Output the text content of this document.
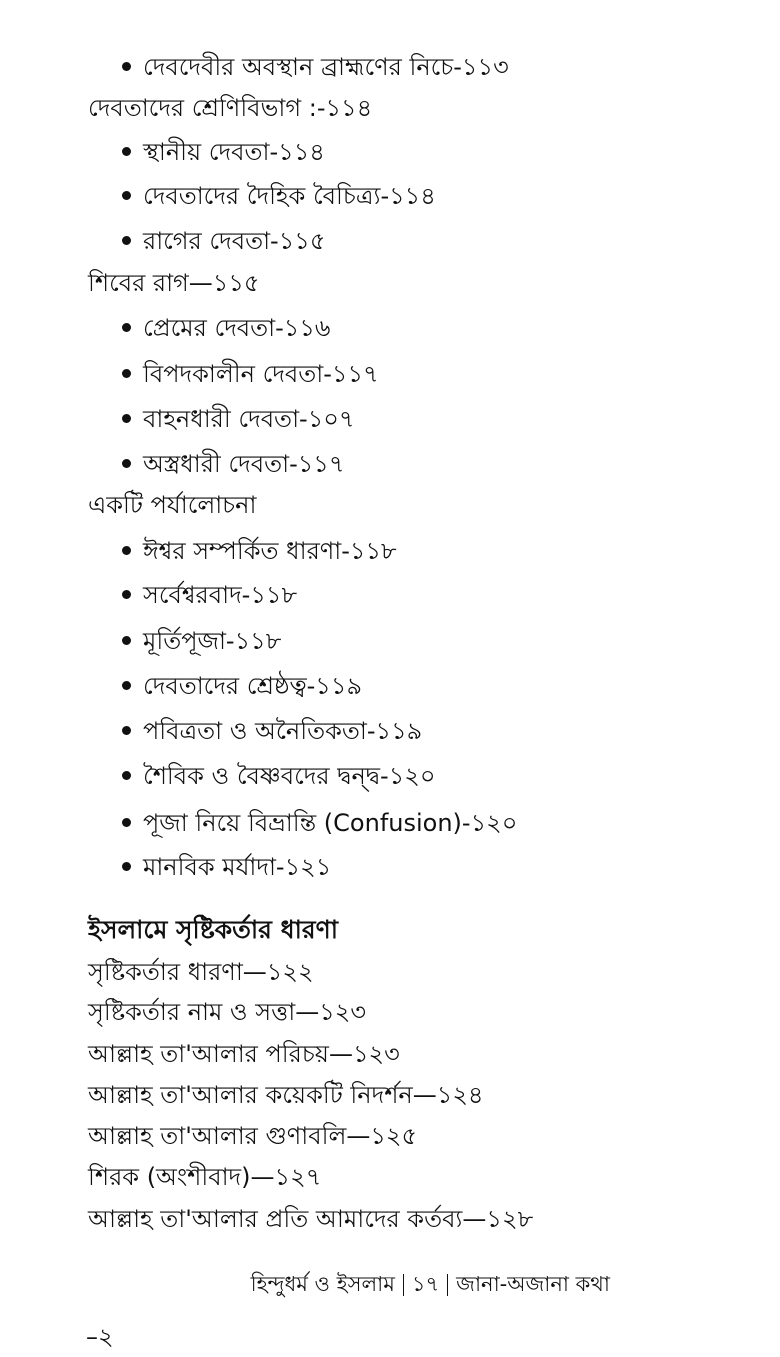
দেবদেবীর অবস্থান ব্রাহ্মণের নিচে-১১৩
দেবতাদের শ্রেণিবিভাগ :-১১৪
স্থানীয় দেবতা-১১৪
দেবতাদের দৈহিক বৈচিত্র্য-১১৪
রাগের দেবতা-১১৫
শিবের রাগ—১১৫
প্রেমের দেবতা-১১৬
বিপদকালীন দেবতা-১১৭
বাহনধারী দেবতা-১০৭
অস্ত্রধারী দেবতা-১১৭
একটি পর্যালোচনা
ঈশ্বর সম্পর্কিত ধারণা-১১৮
সর্বেশ্বরবাদ-১১৮
মূর্তিপূজা-১১৮
দেবতাদের শ্রেষ্ঠত্ব-১১৯
পবিত্রতা ও অনৈতিকতা-১১৯
শৈবিক ও বৈষ্ণবদের দ্বন্দ্ব-১২০
পূজা নিয়ে বিভ্রান্তি (Confusion)-১২০
মানবিক মর্যাদা-১২১
ইসলামে সৃষ্টিকর্তার ধারণা
সৃষ্টিকর্তার ধারণা—১২২
সৃষ্টিকর্তার নাম ও সত্তা—১২৩
আল্লাহ তা'আলার পরিচয়—১২৩
আল্লাহ তা'আলার কয়েকটি নিদর্শন—১২৪
আল্লাহ তা'আলার গুণাবলি—১২৫
শিরক (অংশীবাদ)—১২৭
আল্লাহ তা'আলার প্রতি আমাদের কর্তব্য—১২৮
হিন্দুধর্ম ও ইসলাম ১৭ জানা-অজানা কথা
–২
